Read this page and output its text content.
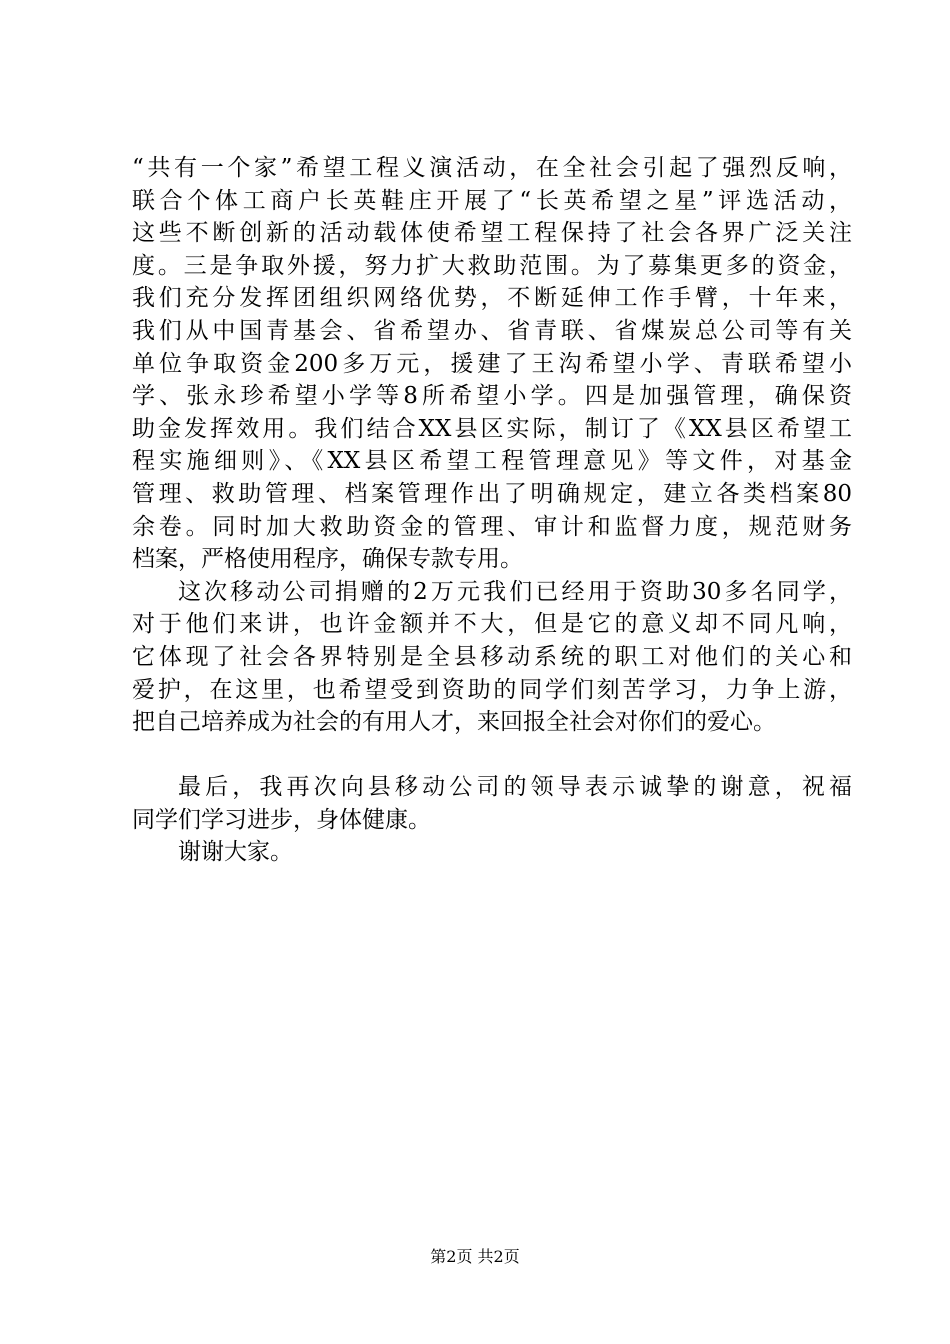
“共有一个家”希望工程义演活动，在全社会引起了强烈反响，
联合个体工商户长英鞋庄开展了“长英希望之星”评选活动，
这些不断创新的活动载体使希望工程保持了社会各界广泛关注
度。三是争取外援，努力扩大救助范围。为了募集更多的资金，
我们充分发挥团组织网络优势，不断延伸工作手臂，十年来，
我们从中国青基会、省希望办、省青联、省煤炭总公司等有关
单位争取资金200多万元，援建了王沟希望小学、青联希望小
学、张永珍希望小学等8所希望小学。四是加强管理，确保资
助金发挥效用。我们结合XX县区实际，制订了《XX县区希望工
程实施细则》、《XX县区希望工程管理意见》等文件，对基金
管理、救助管理、档案管理作出了明确规定，建立各类档案80
余卷。同时加大救助资金的管理、审计和监督力度，规范财务
档案，严格使用程序，确保专款专用。
这次移动公司捐赠的2万元我们已经用于资助30多名同学，
对于他们来讲，也许金额并不大，但是它的意义却不同凡响，
它体现了社会各界特别是全县移动系统的职工对他们的关心和
爱护，在这里，也希望受到资助的同学们刻苦学习，力争上游，
把自己培养成为社会的有用人才，来回报全社会对你们的爱心。
最后，我再次向县移动公司的领导表示诚挚的谢意，祝福
同学们学习进步，身体健康。
谢谢大家。
第2页 共2页
